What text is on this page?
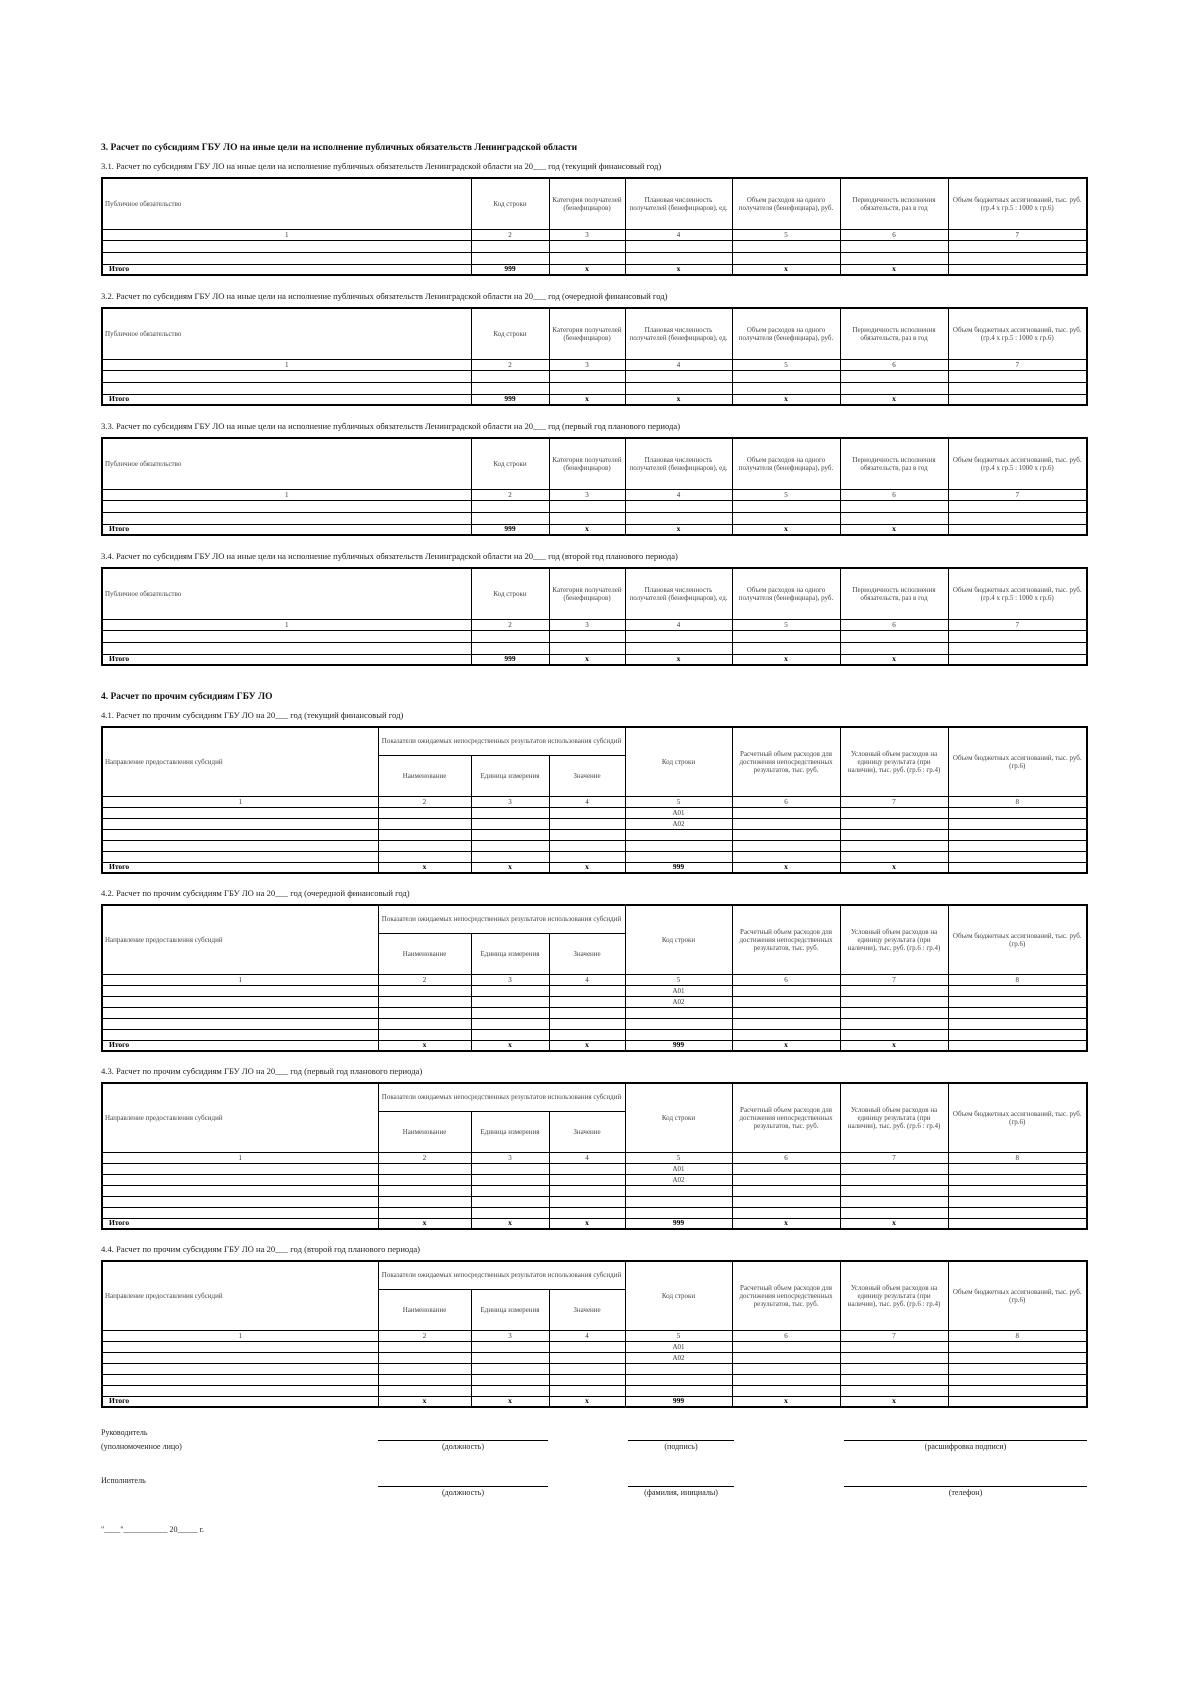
3. Расчет по субсидиям ГБУ ЛО на иные цели на исполнение публичных обязательств Ленинградской области
3.1. Расчет по субсидиям ГБУ ЛО на иные цели на исполнение публичных обязательств Ленинградской области на 20___ год (текущий финансовый год)
Публичное обязательство	Код строки	Категория получателей (бенефициаров)	Плановая численность получателей (бенефициаров), ед.	Объем расходов на одного получателя (бенефициара), руб.	Периодичность исполнения обязательств, раз в год	Объем бюджетных ассигнований, тыс. руб. (гр.4 х гр.5 : 1000 х гр.6)
1	2	3	4	5	6	7

Итого	999	x	x	x	x	
3.2. Расчет по субсидиям ГБУ ЛО на иные цели на исполнение публичных обязательств Ленинградской области на 20___ год (очередной финансовый год)
Публичное обязательство	Код строки	Категория получателей (бенефициаров)	Плановая численность получателей (бенефициаров), ед.	Объем расходов на одного получателя (бенефициара), руб.	Периодичность исполнения обязательств, раз в год	Объем бюджетных ассигнований, тыс. руб. (гр.4 х гр.5 : 1000 х гр.6)
1	2	3	4	5	6	7

Итого	999	x	x	x	x	
3.3. Расчет по субсидиям ГБУ ЛО на иные цели на исполнение публичных обязательств Ленинградской области на 20___ год (первый год планового периода)
Публичное обязательство	Код строки	Категория получателей (бенефициаров)	Плановая численность получателей (бенефициаров), ед.	Объем расходов на одного получателя (бенефициара), руб.	Периодичность исполнения обязательств, раз в год	Объем бюджетных ассигнований, тыс. руб. (гр.4 х гр.5 : 1000 х гр.6)
1	2	3	4	5	6	7

Итого	999	x	x	x	x	
3.4. Расчет по субсидиям ГБУ ЛО на иные цели на исполнение публичных обязательств Ленинградской области на 20___ год (второй год планового периода)
Публичное обязательство	Код строки	Категория получателей (бенефициаров)	Плановая численность получателей (бенефициаров), ед.	Объем расходов на одного получателя (бенефициара), руб.	Периодичность исполнения обязательств, раз в год	Объем бюджетных ассигнований, тыс. руб. (гр.4 х гр.5 : 1000 х гр.6)
1	2	3	4	5	6	7

Итого	999	x	x	x	x	
4. Расчет по прочим субсидиям ГБУ ЛО
4.1. Расчет по прочим субсидиям ГБУ ЛО на 20___ год (текущий финансовый год)
Направление предоставления субсидий	Показатели ожидаемых непосредственных результатов использования субсидий			Код строки	Расчетный объем расходов для достижения непосредственных результатов, тыс. руб.	Условный объем расходов на единицу результата (при наличии), тыс. руб. (гр.6 : гр.4)	Объем бюджетных ассигнований, тыс. руб. (гр.6)
	Наименование	Единица измерения	Значение				
1	2	3	4	5	6	7	8
				А01			
				А02			

Итого	x	x	x	999	x	x	
4.2. Расчет по прочим субсидиям ГБУ ЛО на 20___ год (очередной финансовый год)
Направление предоставления субсидий	Показатели ожидаемых непосредственных результатов использования субсидий			Код строки	Расчетный объем расходов для достижения непосредственных результатов, тыс. руб.	Условный объем расходов на единицу результата (при наличии), тыс. руб. (гр.6 : гр.4)	Объем бюджетных ассигнований, тыс. руб. (гр.6)
	Наименование	Единица измерения	Значение				
1	2	3	4	5	6	7	8
				А01			
				А02			

Итого	x	x	x	999	x	x	
4.3. Расчет по прочим субсидиям ГБУ ЛО на 20___ год (первый год планового периода)
Направление предоставления субсидий	Показатели ожидаемых непосредственных результатов использования субсидий			Код строки	Расчетный объем расходов для достижения непосредственных результатов, тыс. руб.	Условный объем расходов на единицу результата (при наличии), тыс. руб. (гр.6 : гр.4)	Объем бюджетных ассигнований, тыс. руб. (гр.6)
	Наименование	Единица измерения	Значение				
1	2	3	4	5	6	7	8
				А01			
				А02			

Итого	x	x	x	999	x	x	
4.4. Расчет по прочим субсидиям ГБУ ЛО на 20___ год (второй год планового периода)
Направление предоставления субсидий	Показатели ожидаемых непосредственных результатов использования субсидий			Код строки	Расчетный объем расходов для достижения непосредственных результатов, тыс. руб.	Условный объем расходов на единицу результата (при наличии), тыс. руб. (гр.6 : гр.4)	Объем бюджетных ассигнований, тыс. руб. (гр.6)
	Наименование	Единица измерения	Значение				
1	2	3	4	5	6	7	8
				А01			
				А02			

Итого	x	x	x	999	x	x	
Руководитель
(уполномоченное лицо)	(должность)	(подпись)	(расшифровка подписи)
Исполнитель
(должность)	(фамилия, инициалы)	(телефон)
"____"___________ 20_____ г.
